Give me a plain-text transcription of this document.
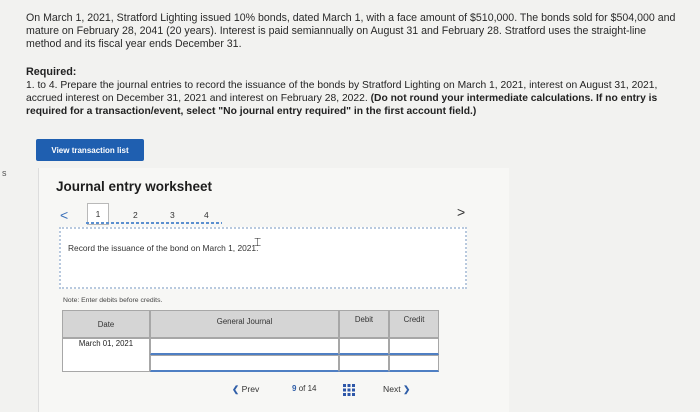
On March 1, 2021, Stratford Lighting issued 10% bonds, dated March 1, with a face amount of $510,000. The bonds sold for $504,000 and mature on February 28, 2041 (20 years). Interest is paid semiannually on August 31 and February 28. Stratford uses the straight-line method and its fiscal year ends December 31.

Required:
1. to 4. Prepare the journal entries to record the issuance of the bonds by Stratford Lighting on March 1, 2021, interest on August 31, 2021, accrued interest on December 31, 2021 and interest on February 28, 2022. (Do not round your intermediate calculations. If no entry is required for a transaction/event, select "No journal entry required" in the first account field.)
View transaction list
s
Journal entry worksheet
<	>
1	2	3	4
Record the issuance of the bond on March 1, 2021.
⌶
Note: Enter debits before credits.
Date	General Journal	Debit	Credit
March 01, 2021
❮ Prev	9 of 14	Next ❯
